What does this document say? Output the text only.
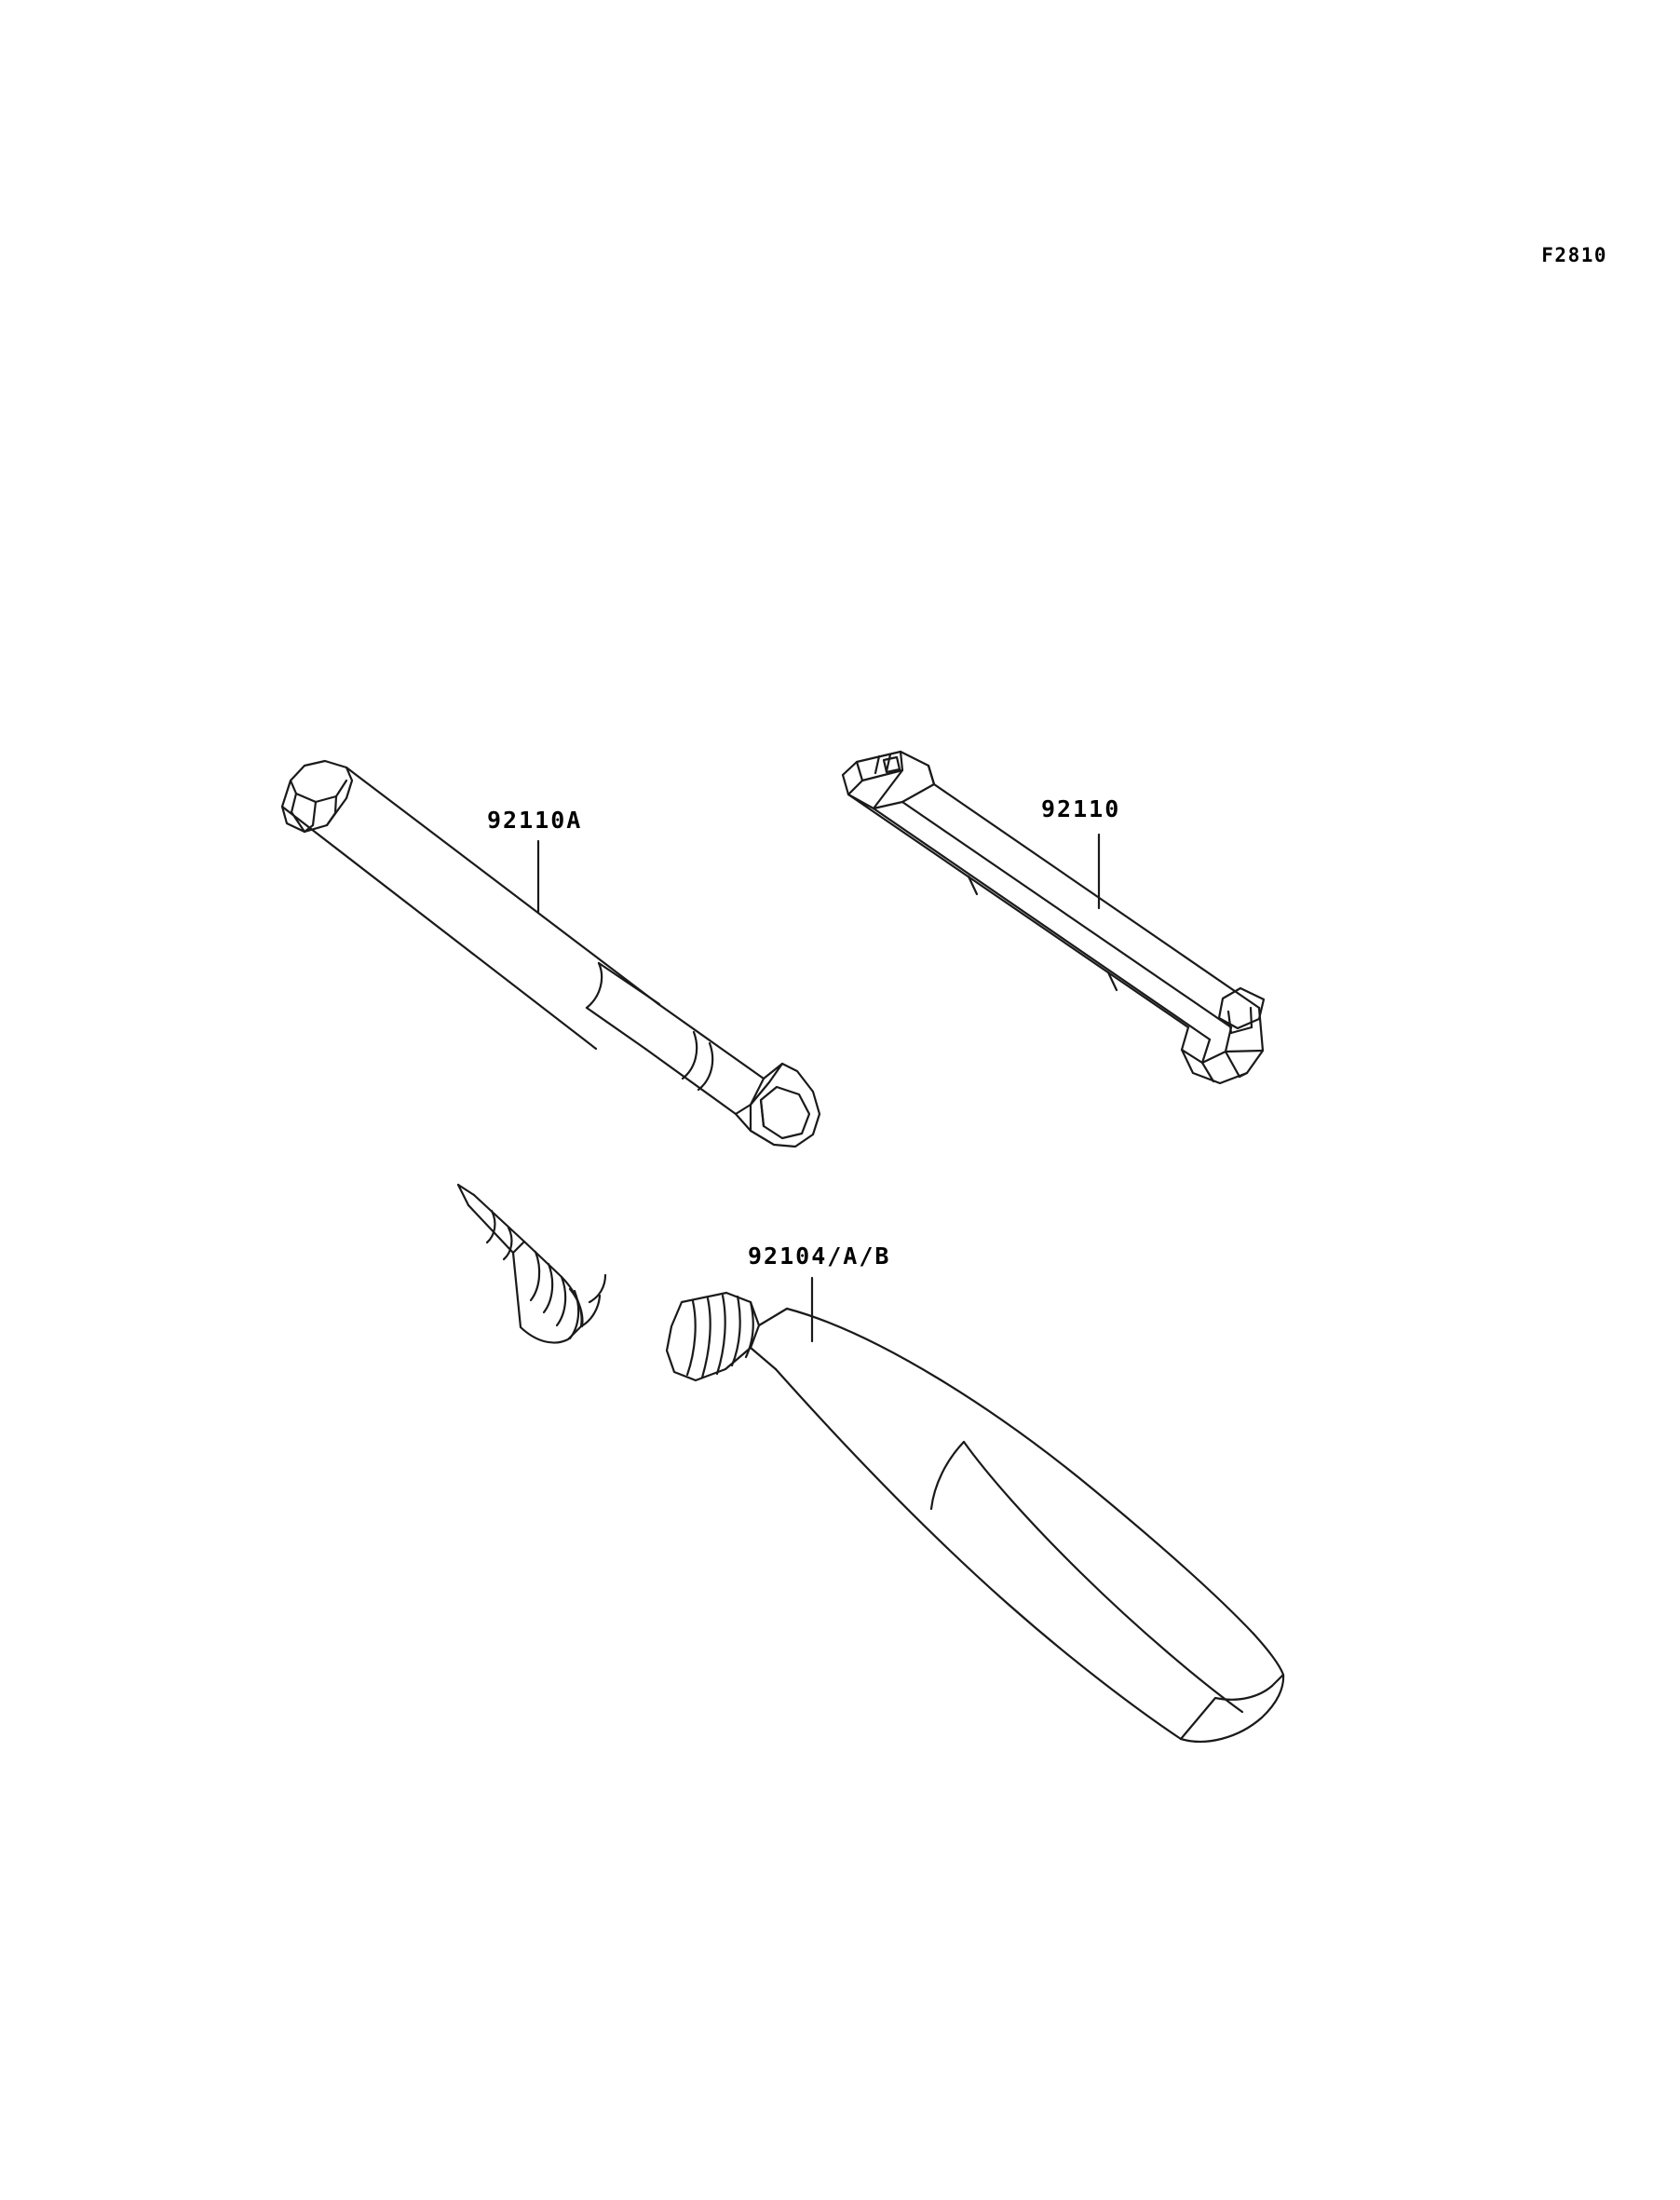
F2810
92110A	92110
92104/A/B
